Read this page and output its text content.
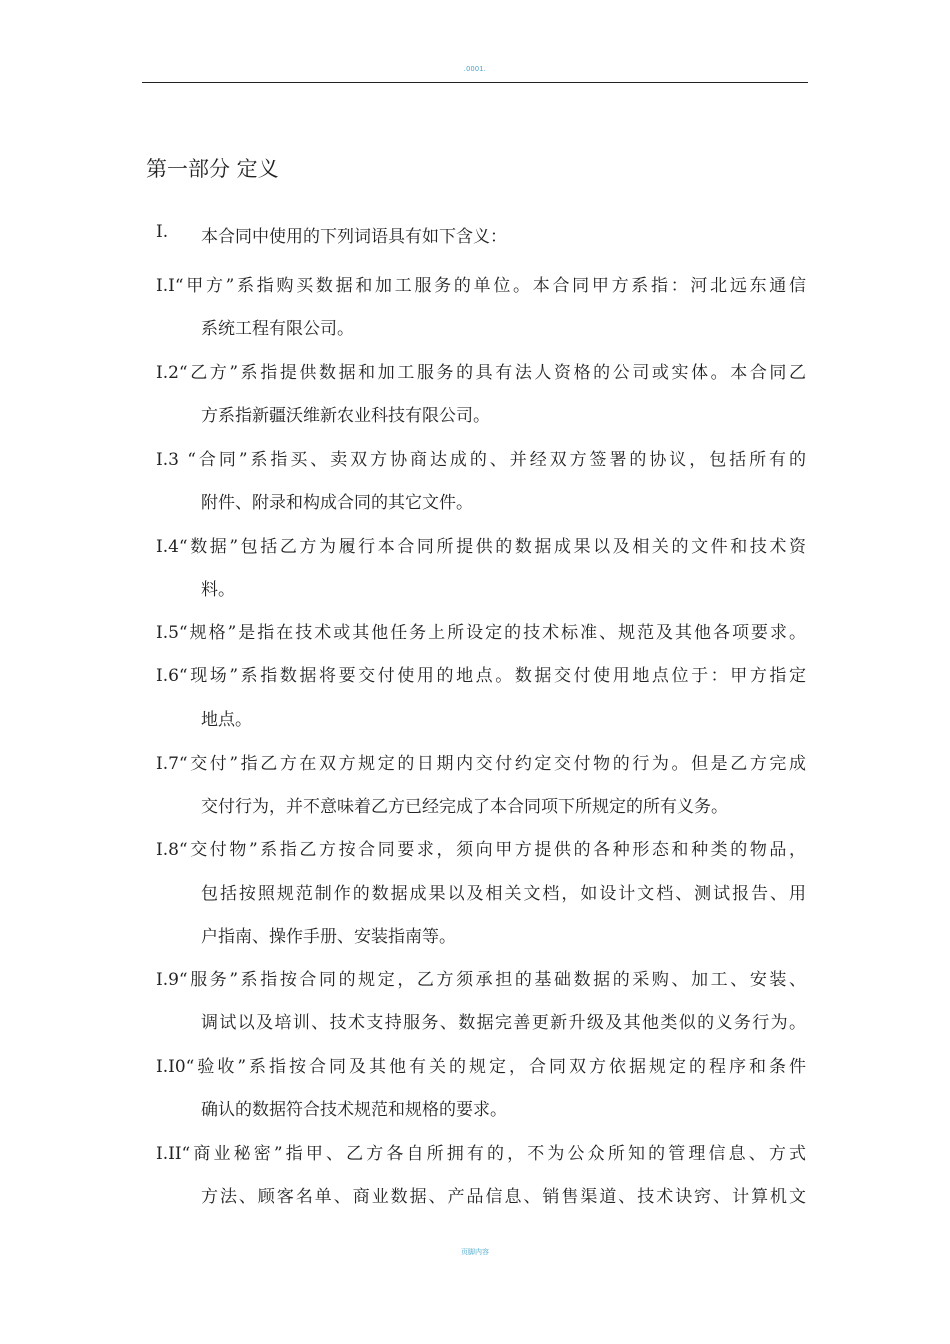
.0001.
第一部分 定义
I. 本合同中使用的下列词语具有如下含义：
I.I“甲方”系指购买数据和加工服务的单位。本合同甲方系指：河北远东通信
系统工程有限公司。
I.2“乙方”系指提供数据和加工服务的具有法人资格的公司或实体。本合同乙
方系指新疆沃维新农业科技有限公司。
I.3 “合同”系指买、卖双方协商达成的、并经双方签署的协议，包括所有的
附件、附录和构成合同的其它文件。
I.4“数据”包括乙方为履行本合同所提供的数据成果以及相关的文件和技术资
料。
I.5“规格”是指在技术或其他任务上所设定的技术标准、规范及其他各项要求。
I.6“现场”系指数据将要交付使用的地点。数据交付使用地点位于：甲方指定
地点。
I.7“交付”指乙方在双方规定的日期内交付约定交付物的行为。但是乙方完成
交付行为，并不意味着乙方已经完成了本合同项下所规定的所有义务。
I.8“交付物”系指乙方按合同要求，须向甲方提供的各种形态和种类的物品，
包括按照规范制作的数据成果以及相关文档，如设计文档、测试报告、用
户指南、操作手册、安装指南等。
I.9“服务”系指按合同的规定，乙方须承担的基础数据的采购、加工、安装、
调试以及培训、技术支持服务、数据完善更新升级及其他类似的义务行为。
I.I0“验收”系指按合同及其他有关的规定，合同双方依据规定的程序和条件
确认的数据符合技术规范和规格的要求。
I.II“商业秘密”指甲、乙方各自所拥有的，不为公众所知的管理信息、方式
方法、顾客名单、商业数据、产品信息、销售渠道、技术诀窍、计算机文
页脚内容
